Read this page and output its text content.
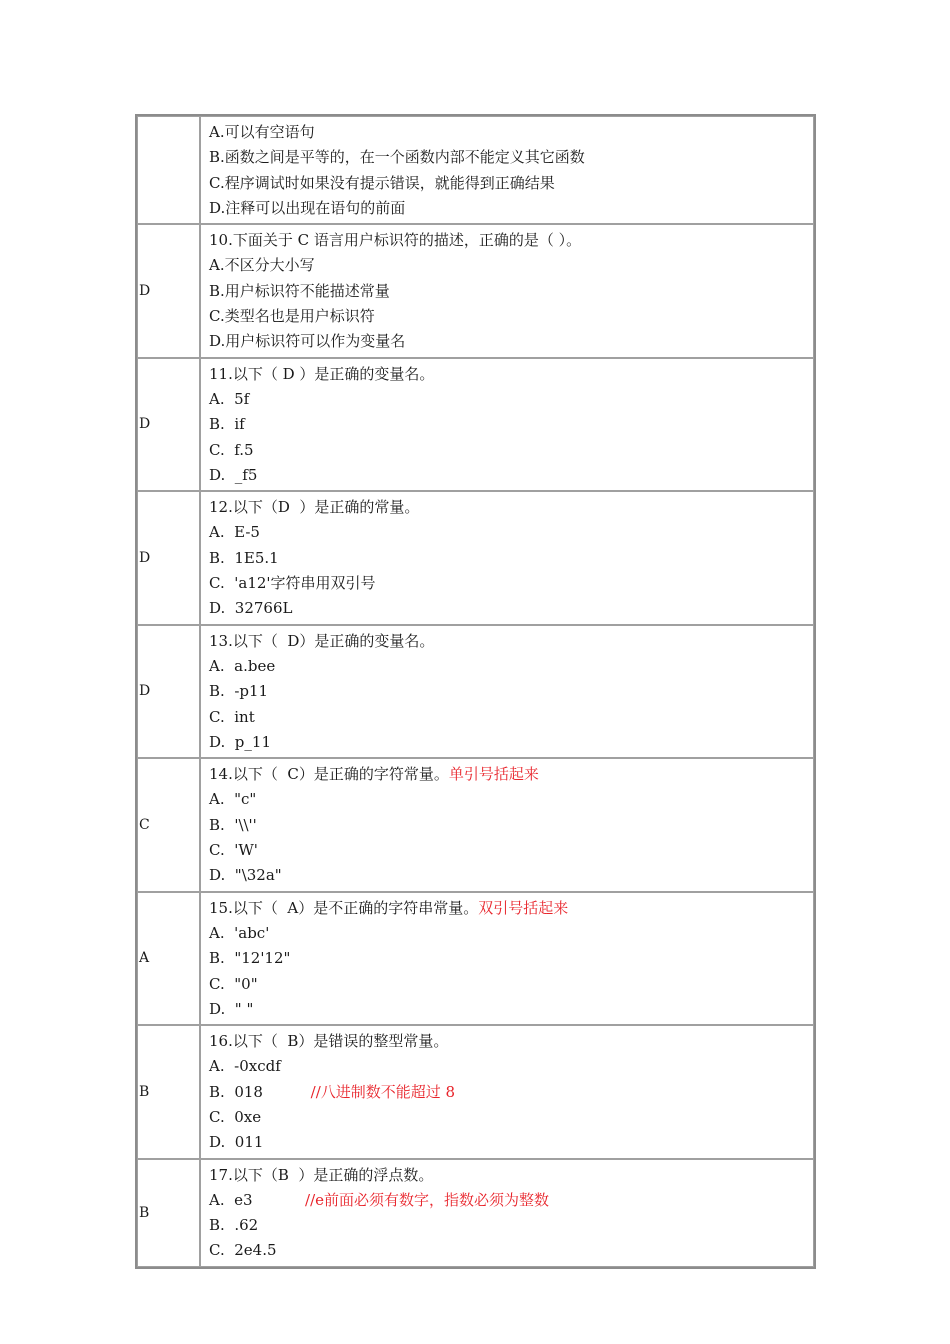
	A.可以有空语句
B.函数之间是平等的，在一个函数内部不能定义其它函数
C.程序调试时如果没有提示错误，就能得到正确结果
D.注释可以出现在语句的前面

D	10.下面关于 C 语言用户标识符的描述，正确的是（ ）。
A.不区分大小写
B.用户标识符不能描述常量
C.类型名也是用户标识符
D.用户标识符可以作为变量名

D	11.以下（ D ）是正确的变量名。
A.  5f
B.  if
C.  f.5
D.  _f5

D	12.以下（D  ）是正确的常量。
A.  E-5
B.  1E5.1
C.  'a12'字符串用双引号
D.  32766L

D	13.以下（  D）是正确的变量名。
A.  a.bee
B.  -p11
C.  int
D.  p_11

C	14.以下（  C）是正确的字符常量。单引号括起来
A.  "c"
B.  '\\''
C.  'W'
D.  "\32a"

A	15.以下（  A）是不正确的字符串常量。双引号括起来
A.  'abc'
B.  "12'12"
C.  "0"
D.  " "

B	16.以下（  B）是错误的整型常量。
A.  -0xcdf
B.  018          //八进制数不能超过 8
C.  0xe
D.  011

B	17.以下（B  ）是正确的浮点数。
A.  e3           //e前面必须有数字，指数必须为整数
B.  .62
C.  2e4.5
